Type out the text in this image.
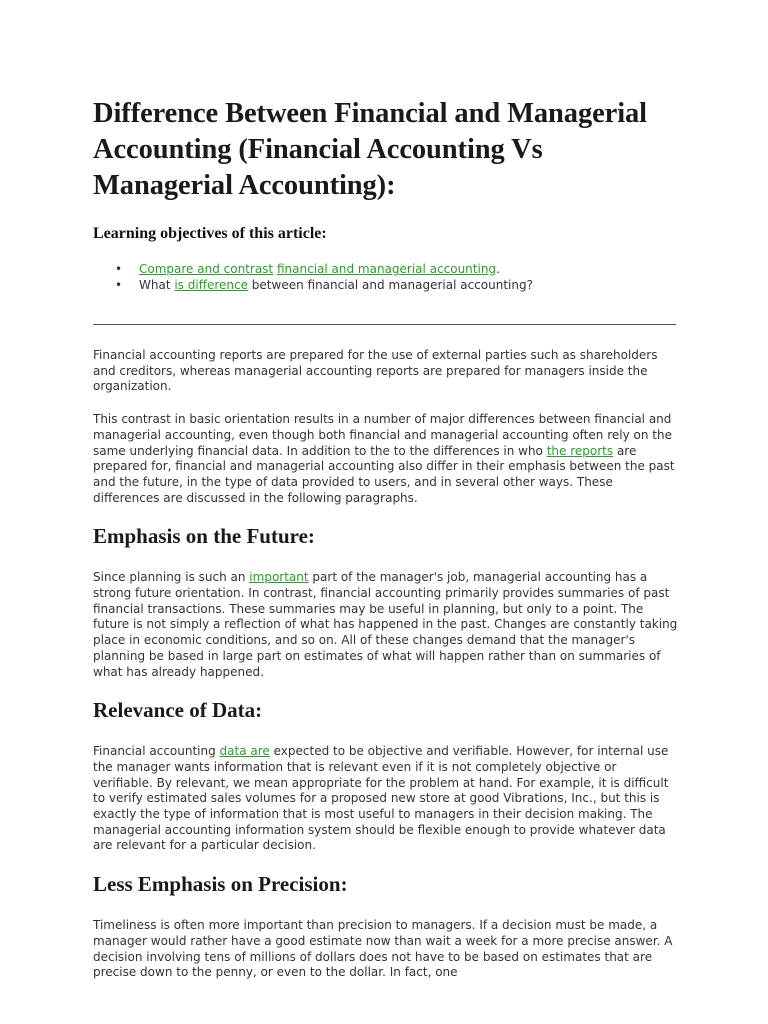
Difference Between Financial and Managerial Accounting (Financial Accounting Vs Managerial Accounting):
Learning objectives of this article:
• Compare and contrast financial and managerial accounting.
• What is difference between financial and managerial accounting?

Financial accounting reports are prepared for the use of external parties such as shareholders and creditors, whereas managerial accounting reports are prepared for managers inside the organization.

This contrast in basic orientation results in a number of major differences between financial and managerial accounting, even though both financial and managerial accounting often rely on the same underlying financial data. In addition to the to the differences in who the reports are prepared for, financial and managerial accounting also differ in their emphasis between the past and the future, in the type of data provided to users, and in several other ways. These differences are discussed in the following paragraphs.

Emphasis on the Future:

Since planning is such an important part of the manager's job, managerial accounting has a strong future orientation. In contrast, financial accounting primarily provides summaries of past financial transactions. These summaries may be useful in planning, but only to a point. The future is not simply a reflection of what has happened in the past. Changes are constantly taking place in economic conditions, and so on. All of these changes demand that the manager's planning be based in large part on estimates of what will happen rather than on summaries of what has already happened.

Relevance of Data:

Financial accounting data are expected to be objective and verifiable. However, for internal use the manager wants information that is relevant even if it is not completely objective or verifiable. By relevant, we mean appropriate for the problem at hand. For example, it is difficult to verify estimated sales volumes for a proposed new store at good Vibrations, Inc., but this is exactly the type of information that is most useful to managers in their decision making. The managerial accounting information system should be flexible enough to provide whatever data are relevant for a particular decision.

Less Emphasis on Precision:

Timeliness is often more important than precision to managers. If a decision must be made, a manager would rather have a good estimate now than wait a week for a more precise answer. A decision involving tens of millions of dollars does not have to be based on estimates that are precise down to the penny, or even to the dollar. In fact, one
